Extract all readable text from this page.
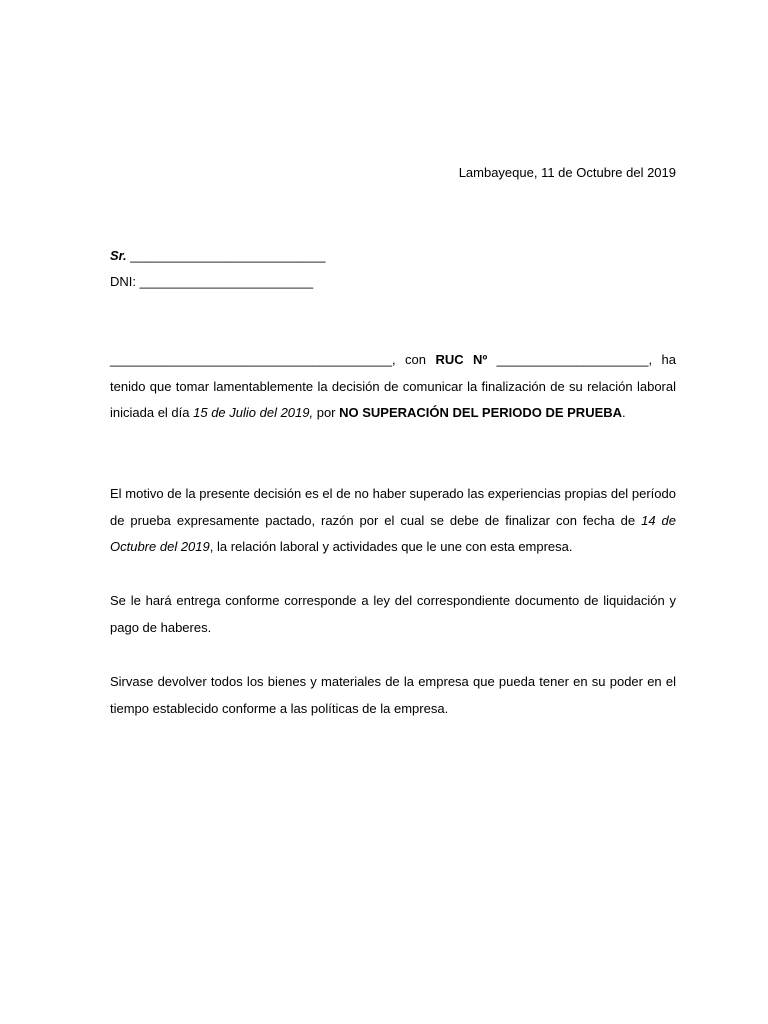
Lambayeque, 11 de Octubre del 2019
Sr. ___________________________
DNI: ________________________

_______________________________________, con RUC Nº _____________________, ha tenido que tomar lamentablemente la decisión de comunicar la finalización de su relación laboral iniciada el día 15 de Julio del 2019, por NO SUPERACIÓN DEL PERIODO DE PRUEBA.

El motivo de la presente decisión es el de no haber superado las experiencias propias del período de prueba expresamente pactado, razón por el cual se debe de finalizar con fecha de 14 de Octubre del 2019, la relación laboral y actividades que le une con esta empresa.

Se le hará entrega conforme corresponde a ley del correspondiente documento de liquidación y pago de haberes.

Sirvase devolver todos los bienes y materiales de la empresa que pueda tener en su poder en el tiempo establecido conforme a las políticas de la empresa.
